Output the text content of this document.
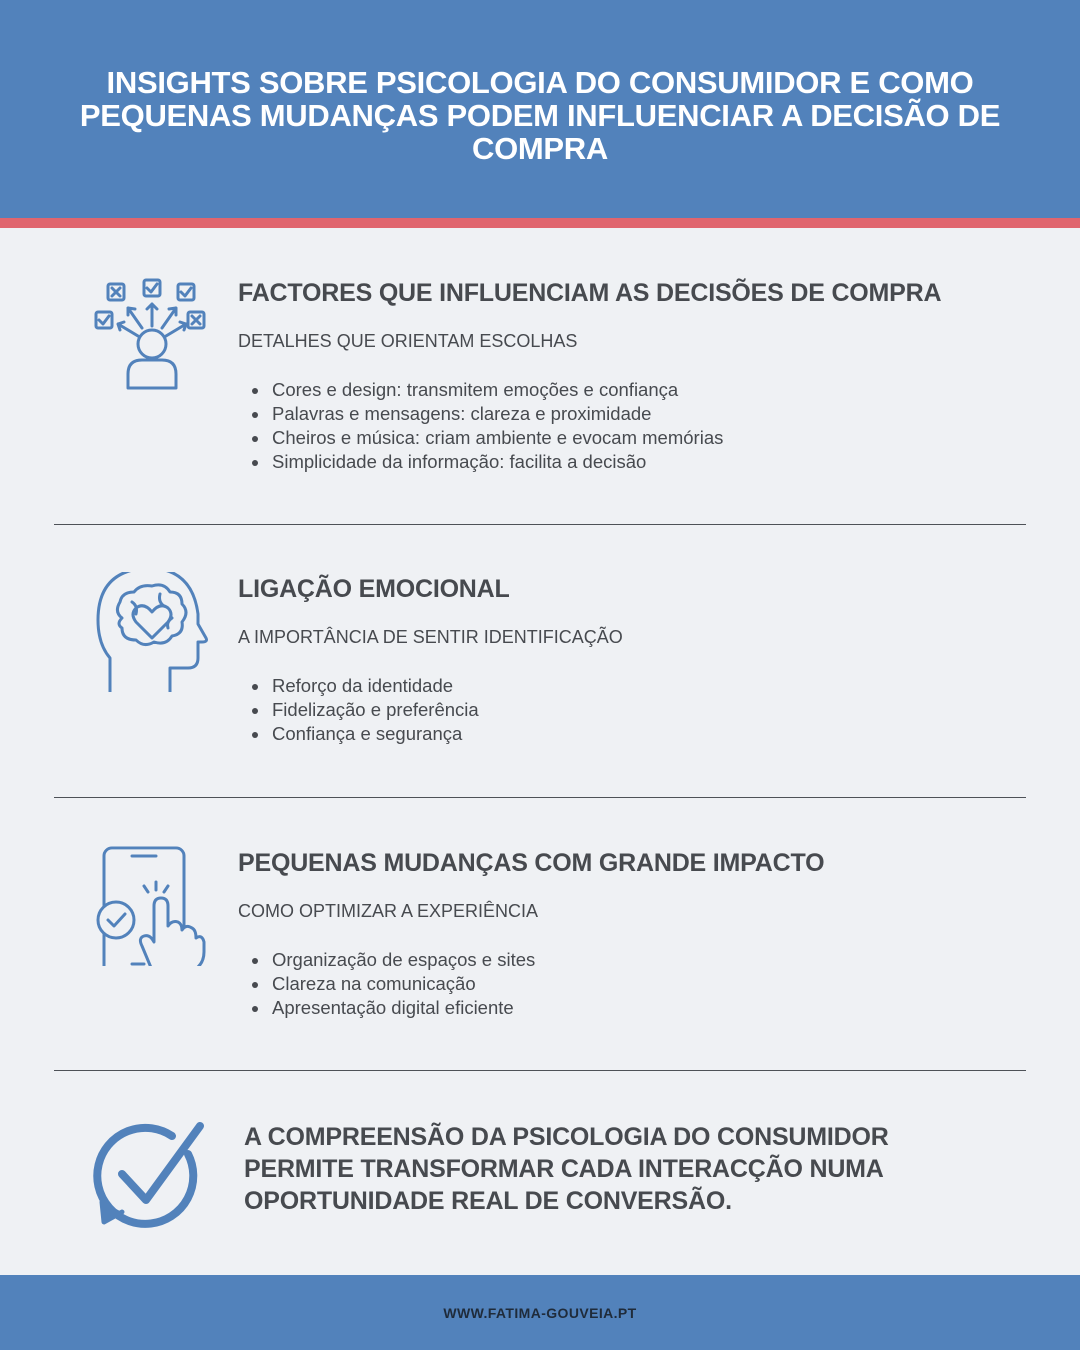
INSIGHTS SOBRE PSICOLOGIA DO CONSUMIDOR E COMO PEQUENAS MUDANÇAS PODEM INFLUENCIAR A DECISÃO DE COMPRA
FACTORES QUE INFLUENCIAM AS DECISÕES DE COMPRA

DETALHES QUE ORIENTAM ESCOLHAS

Cores e design: transmitem emoções e confiança
Palavras e mensagens: clareza e proximidade
Cheiros e música: criam ambiente e evocam memórias
Simplicidade da informação: facilita a decisão
LIGAÇÃO EMOCIONAL

A IMPORTÂNCIA DE SENTIR IDENTIFICAÇÃO

Reforço da identidade
Fidelização e preferência
Confiança e segurança
PEQUENAS MUDANÇAS COM GRANDE IMPACTO

COMO OPTIMIZAR A EXPERIÊNCIA

Organização de espaços e sites
Clareza na comunicação
Apresentação digital eficiente

A COMPREENSÃO DA PSICOLOGIA DO CONSUMIDOR PERMITE TRANSFORMAR CADA INTERACÇÃO NUMA OPORTUNIDADE REAL DE CONVERSÃO.

WWW.FATIMA-GOUVEIA.PT
